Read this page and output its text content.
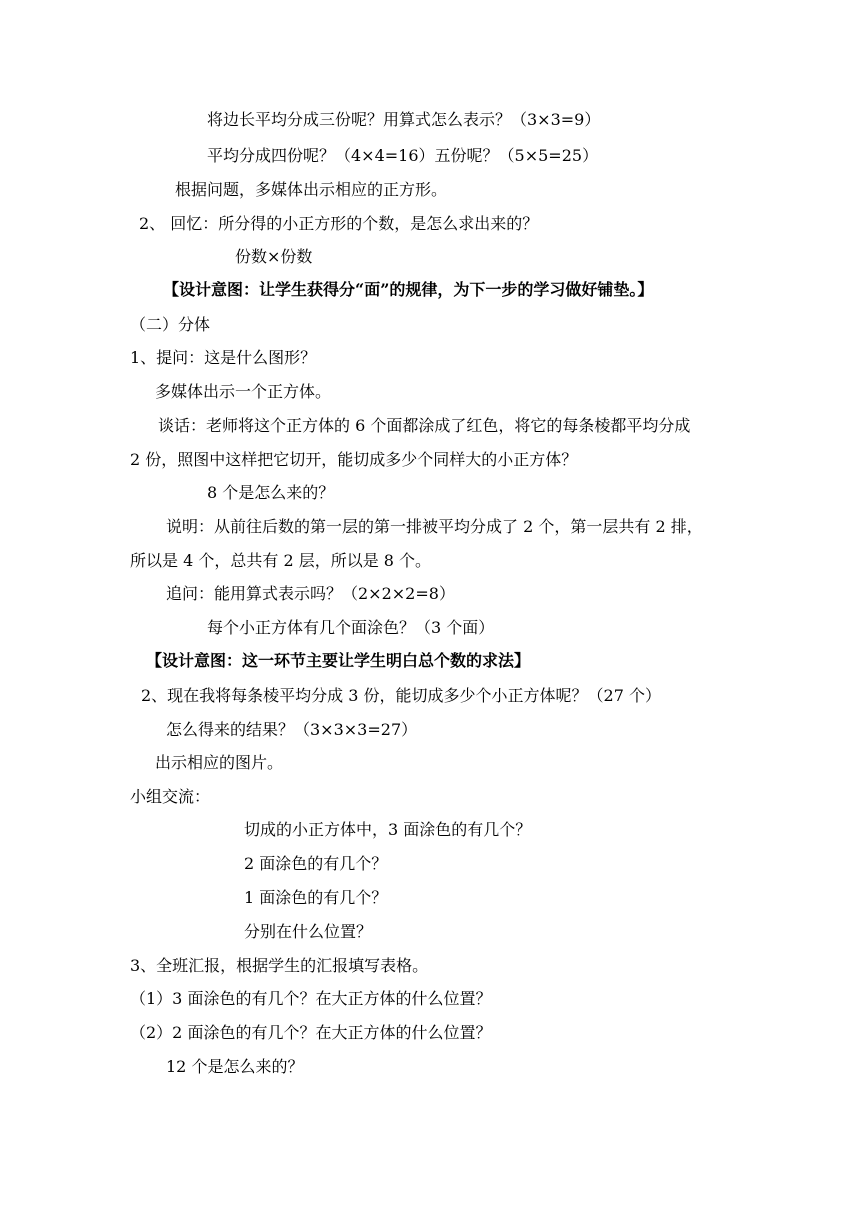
将边长平均分成三份呢？用算式怎么表示？（3×3=9）
平均分成四份呢？（4×4=16）五份呢？（5×5=25）
根据问题，多媒体出示相应的正方形。
2、 回忆：所分得的小正方形的个数，是怎么求出来的？
份数×份数
【设计意图：让学生获得分“面”的规律，为下一步的学习做好铺垫。】
（二）分体
1、提问：这是什么图形？
多媒体出示一个正方体。
谈话：老师将这个正方体的 6 个面都涂成了红色，将它的每条棱都平均分成
2 份，照图中这样把它切开，能切成多少个同样大的小正方体？
8 个是怎么来的？
说明：从前往后数的第一层的第一排被平均分成了 2 个，第一层共有 2 排，
所以是 4 个，总共有 2 层，所以是 8 个。
追问：能用算式表示吗？（2×2×2=8）
每个小正方体有几个面涂色？（3 个面）
【设计意图：这一环节主要让学生明白总个数的求法】
2、现在我将每条棱平均分成 3 份，能切成多少个小正方体呢？（27 个）
怎么得来的结果？（3×3×3=27）
出示相应的图片。
小组交流：
切成的小正方体中，3 面涂色的有几个？
2 面涂色的有几个？
1 面涂色的有几个？
分别在什么位置？
3、全班汇报，根据学生的汇报填写表格。
（1）3 面涂色的有几个？在大正方体的什么位置？
（2）2 面涂色的有几个？在大正方体的什么位置？
12 个是怎么来的？
